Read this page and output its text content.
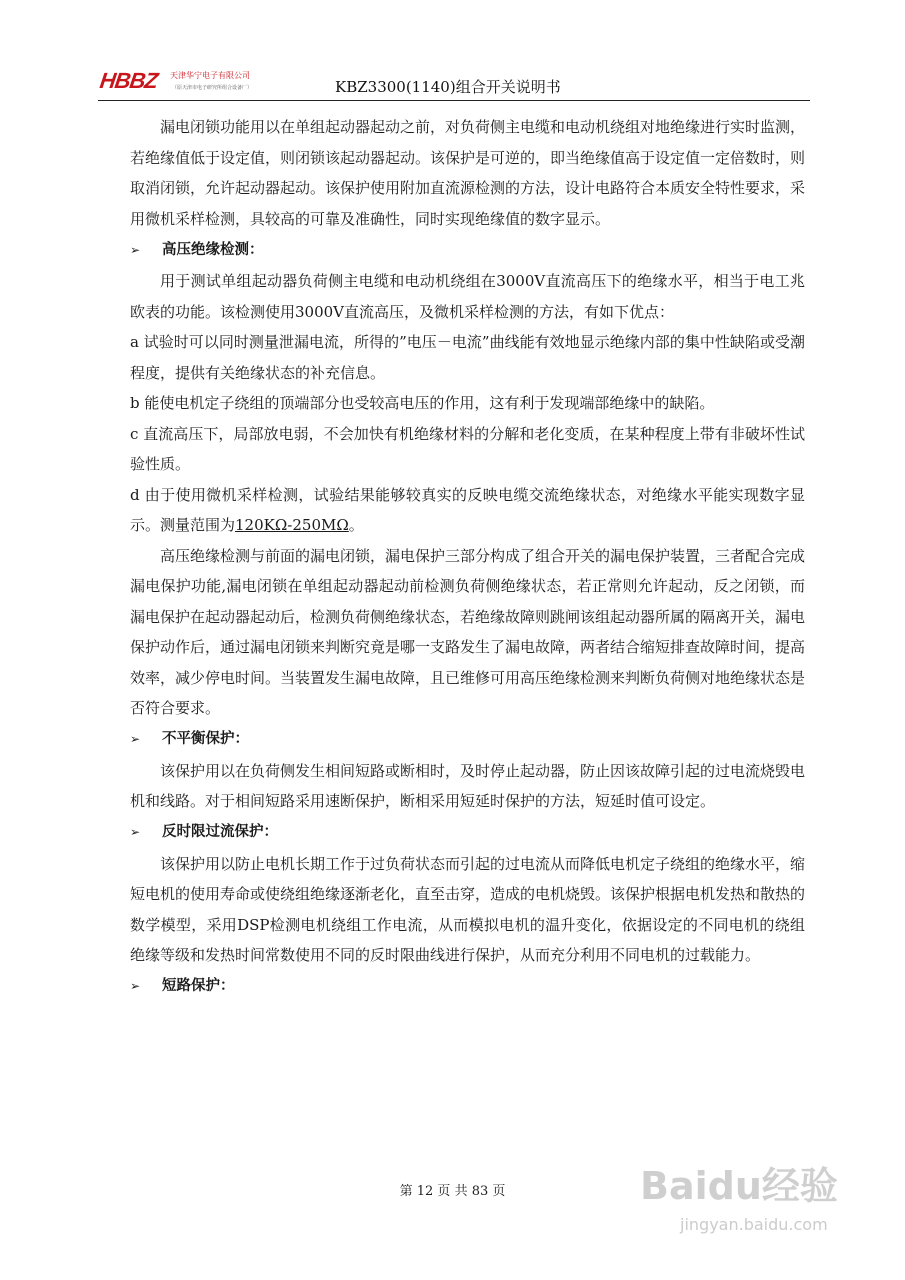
HBBZ 天津华宁电子有限公司
（原天津市电子研究所组合设备厂）	KBZ3300(1140)组合开关说明书

漏电闭锁功能用以在单组起动器起动之前，对负荷侧主电缆和电动机绕组对地绝缘进行实时监测，若绝缘值低于设定值，则闭锁该起动器起动。该保护是可逆的，即当绝缘值高于设定值一定倍数时，则取消闭锁，允许起动器起动。该保护使用附加直流源检测的方法，设计电路符合本质安全特性要求，采用微机采样检测，具较高的可靠及准确性，同时实现绝缘值的数字显示。

➢	高压绝缘检测：

用于测试单组起动器负荷侧主电缆和电动机绕组在3000V直流高压下的绝缘水平，相当于电工兆欧表的功能。该检测使用3000V直流高压，及微机采样检测的方法，有如下优点：

a 试验时可以同时测量泄漏电流，所得的”电压－电流”曲线能有效地显示绝缘内部的集中性缺陷或受潮程度，提供有关绝缘状态的补充信息。

b 能使电机定子绕组的顶端部分也受较高电压的作用，这有利于发现端部绝缘中的缺陷。

c 直流高压下，局部放电弱，不会加快有机绝缘材料的分解和老化变质，在某种程度上带有非破坏性试验性质。

d 由于使用微机采样检测，试验结果能够较真实的反映电缆交流绝缘状态，对绝缘水平能实现数字显示。测量范围为120KΩ-250MΩ。

高压绝缘检测与前面的漏电闭锁，漏电保护三部分构成了组合开关的漏电保护装置，三者配合完成漏电保护功能,漏电闭锁在单组起动器起动前检测负荷侧绝缘状态，若正常则允许起动，反之闭锁，而漏电保护在起动器起动后，检测负荷侧绝缘状态，若绝缘故障则跳闸该组起动器所属的隔离开关，漏电保护动作后，通过漏电闭锁来判断究竟是哪一支路发生了漏电故障，两者结合缩短排查故障时间，提高效率，减少停电时间。当装置发生漏电故障，且已维修可用高压绝缘检测来判断负荷侧对地绝缘状态是否符合要求。

➢	不平衡保护：

该保护用以在负荷侧发生相间短路或断相时，及时停止起动器，防止因该故障引起的过电流烧毁电机和线路。对于相间短路采用速断保护，断相采用短延时保护的方法，短延时值可设定。

➢	反时限过流保护：

该保护用以防止电机长期工作于过负荷状态而引起的过电流从而降低电机定子绕组的绝缘水平，缩短电机的使用寿命或使绕组绝缘逐渐老化，直至击穿，造成的电机烧毁。该保护根据电机发热和散热的数学模型，采用DSP检测电机绕组工作电流，从而模拟电机的温升变化，依据设定的不同电机的绕组绝缘等级和发热时间常数使用不同的反时限曲线进行保护，从而充分利用不同电机的过载能力。

➢	短路保护：
第 12 页 共 83 页	Baidu经验
jingyan.baidu.com
